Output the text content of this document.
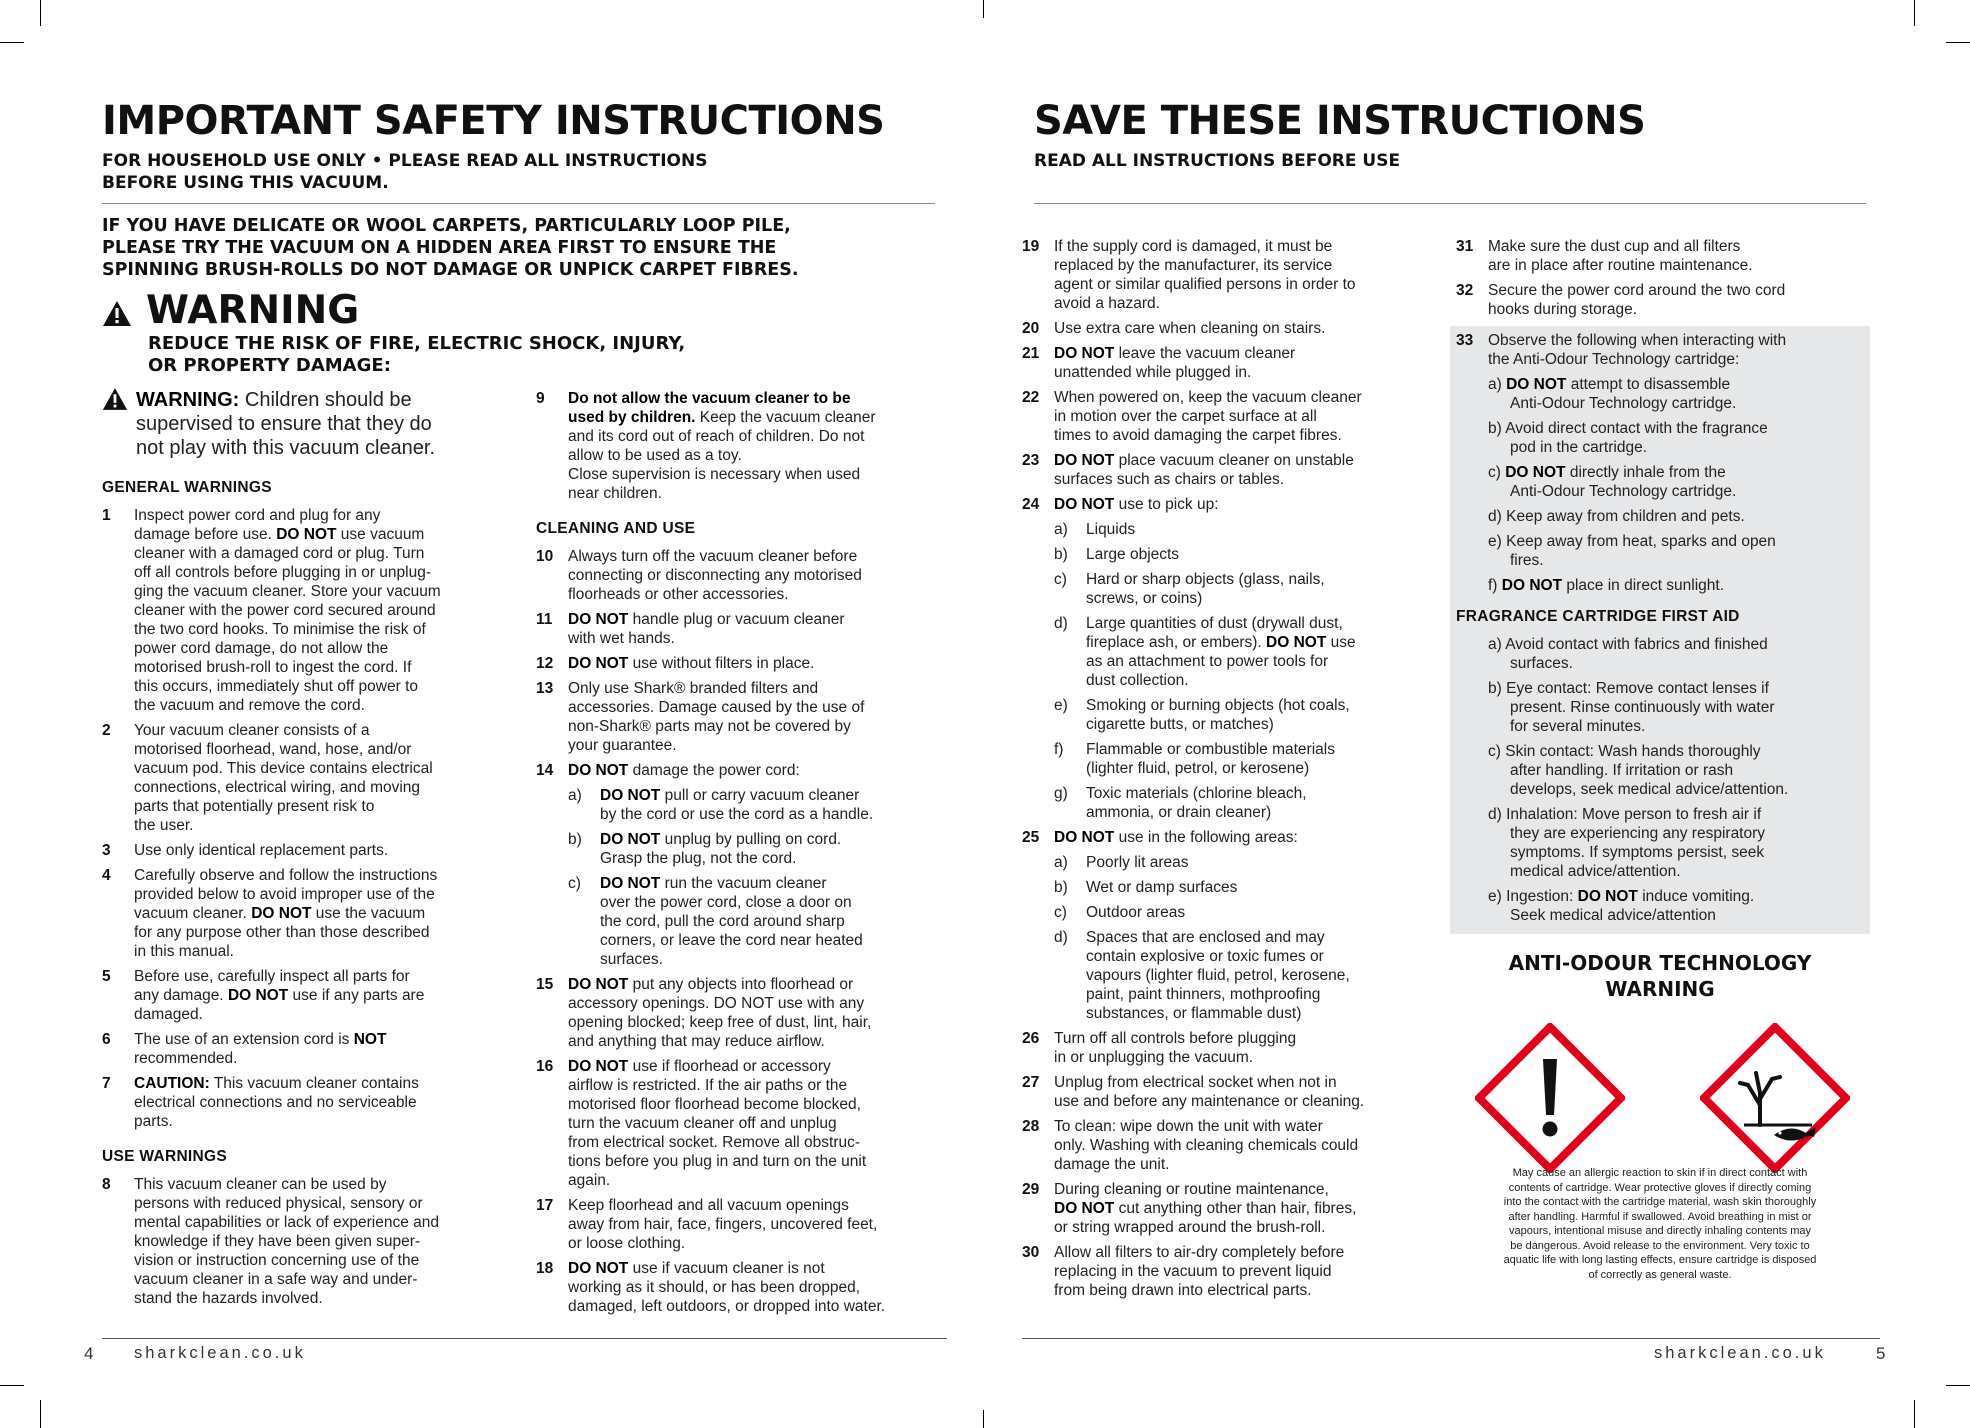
IMPORTANT SAFETY INSTRUCTIONS
FOR HOUSEHOLD USE ONLY • PLEASE READ ALL INSTRUCTIONS
BEFORE USING THIS VACUUM.
IF YOU HAVE DELICATE OR WOOL CARPETS, PARTICULARLY LOOP PILE,
PLEASE TRY THE VACUUM ON A HIDDEN AREA FIRST TO ENSURE THE
SPINNING BRUSH-ROLLS DO NOT DAMAGE OR UNPICK CARPET FIBRES.
WARNING
REDUCE THE RISK OF FIRE, ELECTRIC SHOCK, INJURY,
OR PROPERTY DAMAGE:
WARNING: Children should be
supervised to ensure that they do
not play with this vacuum cleaner.
GENERAL WARNINGS
1	Inspect power cord and plug for any
damage before use. DO NOT use vacuum
cleaner with a damaged cord or plug. Turn
off all controls before plugging in or unplug-
ging the vacuum cleaner. Store your vacuum
cleaner with the power cord secured around
the two cord hooks. To minimise the risk of
power cord damage, do not allow the
motorised brush-roll to ingest the cord. If
this occurs, immediately shut off power to
the vacuum and remove the cord.
2	Your vacuum cleaner consists of a
motorised floorhead, wand, hose, and/or
vacuum pod. This device contains electrical
connections, electrical wiring, and moving
parts that potentially present risk to
the user.
3	Use only identical replacement parts.
4	Carefully observe and follow the instructions
provided below to avoid improper use of the
vacuum cleaner. DO NOT use the vacuum
for any purpose other than those described
in this manual.
5	Before use, carefully inspect all parts for
any damage. DO NOT use if any parts are
damaged.
6	The use of an extension cord is NOT
recommended.
7	CAUTION: This vacuum cleaner contains
electrical connections and no serviceable
parts.
USE WARNINGS
8	This vacuum cleaner can be used by
persons with reduced physical, sensory or
mental capabilities or lack of experience and
knowledge if they have been given super-
vision or instruction concerning use of the
vacuum cleaner in a safe way and under-
stand the hazards involved.
9	Do not allow the vacuum cleaner to be
used by children. Keep the vacuum cleaner
and its cord out of reach of children. Do not
allow to be used as a toy.
Close supervision is necessary when used
near children.
CLEANING AND USE
10 Always turn off the vacuum cleaner before
connecting or disconnecting any motorised
floorheads or other accessories.
11	DO NOT handle plug or vacuum cleaner
with wet hands.
12 DO NOT use without filters in place.
13 Only use Shark® branded filters and
accessories. Damage caused by the use of
non-Shark® parts may not be covered by
your guarantee.
14 DO NOT damage the power cord:
a)	DO NOT pull or carry vacuum cleaner
by the cord or use the cord as a handle.
b)	DO NOT unplug by pulling on cord.
Grasp the plug, not the cord.
c)	DO NOT run the vacuum cleaner
over the power cord, close a door on
the cord, pull the cord around sharp
corners, or leave the cord near heated
surfaces.
15 DO NOT put any objects into floorhead or
accessory openings. DO NOT use with any
opening blocked; keep free of dust, lint, hair,
and anything that may reduce airflow.
16 DO NOT use if floorhead or accessory
airflow is restricted. If the air paths or the
motorised floor floorhead become blocked,
turn the vacuum cleaner off and unplug
from electrical socket. Remove all obstruc-
tions before you plug in and turn on the unit
again.
17 Keep floorhead and all vacuum openings
away from hair, face, fingers, uncovered feet,
or loose clothing.
18 DO NOT use if vacuum cleaner is not
working as it should, or has been dropped,
damaged, left outdoors, or dropped into water.
4 sharkclean.co.uk
SAVE THESE INSTRUCTIONS
READ ALL INSTRUCTIONS BEFORE USE
19 If the supply cord is damaged, it must be
replaced by the manufacturer, its service
agent or similar qualified persons in order to
avoid a hazard.
20 Use extra care when cleaning on stairs.
21 DO NOT leave the vacuum cleaner
unattended while plugged in.
22 When powered on, keep the vacuum cleaner
in motion over the carpet surface at all
times to avoid damaging the carpet fibres.
23 DO NOT place vacuum cleaner on unstable
surfaces such as chairs or tables.
24 DO NOT use to pick up:
a)	Liquids
b)	Large objects
c)	Hard or sharp objects (glass, nails,
screws, or coins)
d)	Large quantities of dust (drywall dust,
fireplace ash, or embers). DO NOT use
as an attachment to power tools for
dust collection.
e)	Smoking or burning objects (hot coals,
cigarette butts, or matches)
f)	Flammable or combustible materials
(lighter fluid, petrol, or kerosene)
g)	Toxic materials (chlorine bleach,
ammonia, or drain cleaner)
25 DO NOT use in the following areas:
a)	Poorly lit areas
b)	Wet or damp surfaces
c)	Outdoor areas
d)	Spaces that are enclosed and may
contain explosive or toxic fumes or
vapours (lighter fluid, petrol, kerosene,
paint, paint thinners, mothproofing
substances, or flammable dust)
26 Turn off all controls before plugging
in or unplugging the vacuum.
27 Unplug from electrical socket when not in
use and before any maintenance or cleaning.
28 To clean: wipe down the unit with water
only. Washing with cleaning chemicals could
damage the unit.
29 During cleaning or routine maintenance,
DO NOT cut anything other than hair, fibres,
or string wrapped around the brush-roll.
30 Allow all filters to air-dry completely before
replacing in the vacuum to prevent liquid
from being drawn into electrical parts.
31 Make sure the dust cup and all filters
are in place after routine maintenance.
32 Secure the power cord around the two cord
hooks during storage.
33 Observe the following when interacting with
the Anti-Odour Technology cartridge:
a) DO NOT attempt to disassemble
Anti-Odour Technology cartridge.
b) Avoid direct contact with the fragrance
pod in the cartridge.
c) DO NOT directly inhale from the
Anti-Odour Technology cartridge.
d) Keep away from children and pets.
e) Keep away from heat, sparks and open
fires.
f) DO NOT place in direct sunlight.
FRAGRANCE CARTRIDGE FIRST AID
a) Avoid contact with fabrics and finished
surfaces.
b) Eye contact: Remove contact lenses if
present. Rinse continuously with water
for several minutes.
c) Skin contact: Wash hands thoroughly
after handling. If irritation or rash
develops, seek medical advice/attention.
d) Inhalation: Move person to fresh air if
they are experiencing any respiratory
symptoms. If symptoms persist, seek
medical advice/attention.
e) Ingestion: DO NOT induce vomiting.
Seek medical advice/attention
ANTI-ODOUR TECHNOLOGY
WARNING
May cause an allergic reaction to skin if in direct contact with
contents of cartridge. Wear protective gloves if directly coming
into the contact with the cartridge material, wash skin thoroughly
after handling. Harmful if swallowed. Avoid breathing in mist or
vapours, intentional misuse and directly inhaling contents may
be dangerous. Avoid release to the environment. Very toxic to
aquatic life with long lasting effects, ensure cartridge is disposed
of correctly as general waste.
sharkclean.co.uk	5
